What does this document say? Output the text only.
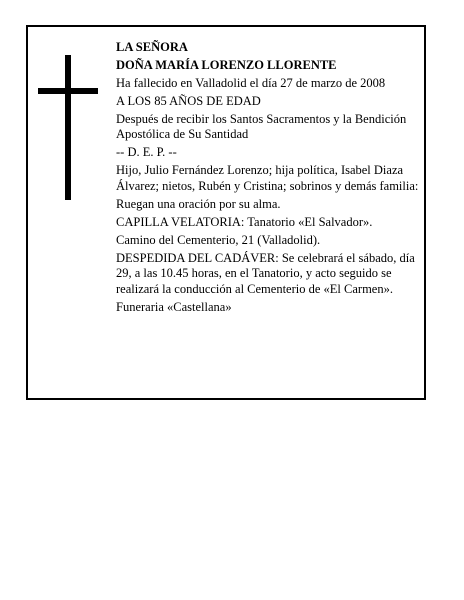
LA SEÑORA

DOÑA MARÍA LORENZO LLORENTE

Ha fallecido en Valladolid el día 27 de marzo de 2008

A LOS 85 AÑOS DE EDAD

Después de recibir los Santos Sacramentos y la Bendición Apostólica de Su Santidad

-- D. E. P. --

Hijo, Julio Fernández Lorenzo; hija política, Isabel Diaza Álvarez; nietos, Rubén y Cristina; sobrinos y demás familia:

Ruegan una oración por su alma.

CAPILLA VELATORIA: Tanatorio «El Salvador».

Camino del Cementerio, 21 (Valladolid).

DESPEDIDA DEL CADÁVER: Se celebrará el sábado, día 29, a las 10.45 horas, en el Tanatorio, y acto seguido se realizará la conducción al Cementerio de «El Carmen».

Funeraria «Castellana»
